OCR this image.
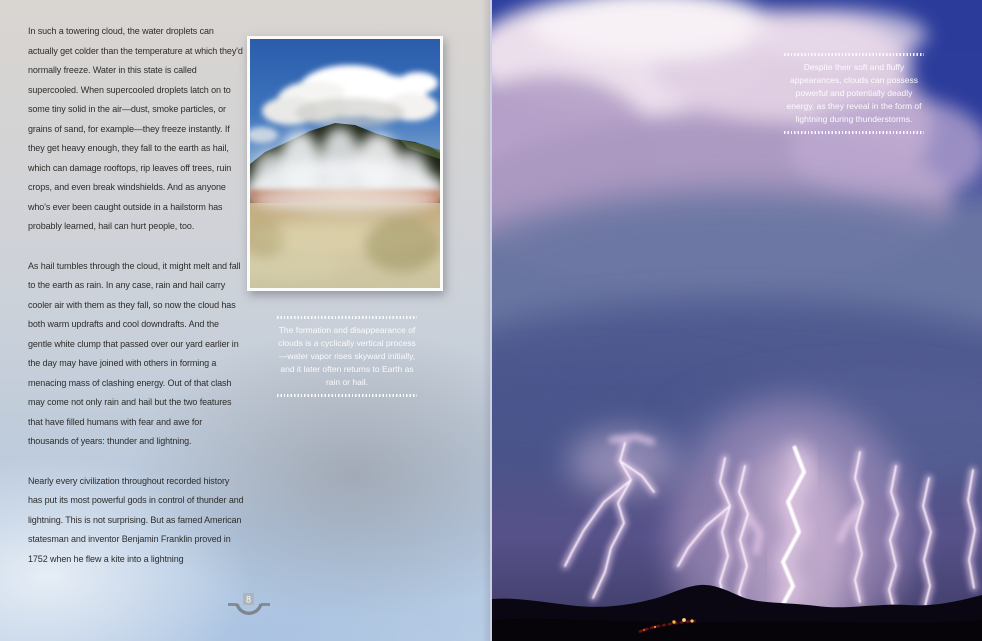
In such a towering cloud, the water droplets can actually get colder than the temperature at which they'd normally freeze. Water in this state is called supercooled. When supercooled droplets latch on to some tiny solid in the air—dust, smoke particles, or grains of sand, for example—they freeze instantly. If they get heavy enough, they fall to the earth as hail, which can damage rooftops, rip leaves off trees, ruin crops, and even break windshields. And as anyone who's ever been caught outside in a hailstorm has probably learned, hail can hurt people, too.

As hail tumbles through the cloud, it might melt and fall to the earth as rain. In any case, rain and hail carry cooler air with them as they fall, so now the cloud has both warm updrafts and cool downdrafts. And the gentle white clump that passed over our yard earlier in the day may have joined with others in forming a menacing mass of clashing energy. Out of that clash may come not only rain and hail but the two features that have filled humans with fear and awe for thousands of years: thunder and lightning.

Nearly every civilization throughout recorded history has put its most powerful gods in control of thunder and lightning. This is not surprising. But as famed American statesman and inventor Benjamin Franklin proved in 1752 when he flew a kite into a lightning

The formation and disappearance of clouds is a cyclically vertical process —water vapor rises skyward initially, and it later often returns to Earth as rain or hail.
8
Despite their soft and fluffy appearances, clouds can possess powerful and potentially deadly energy, as they reveal in the form of lightning during thunderstorms.
